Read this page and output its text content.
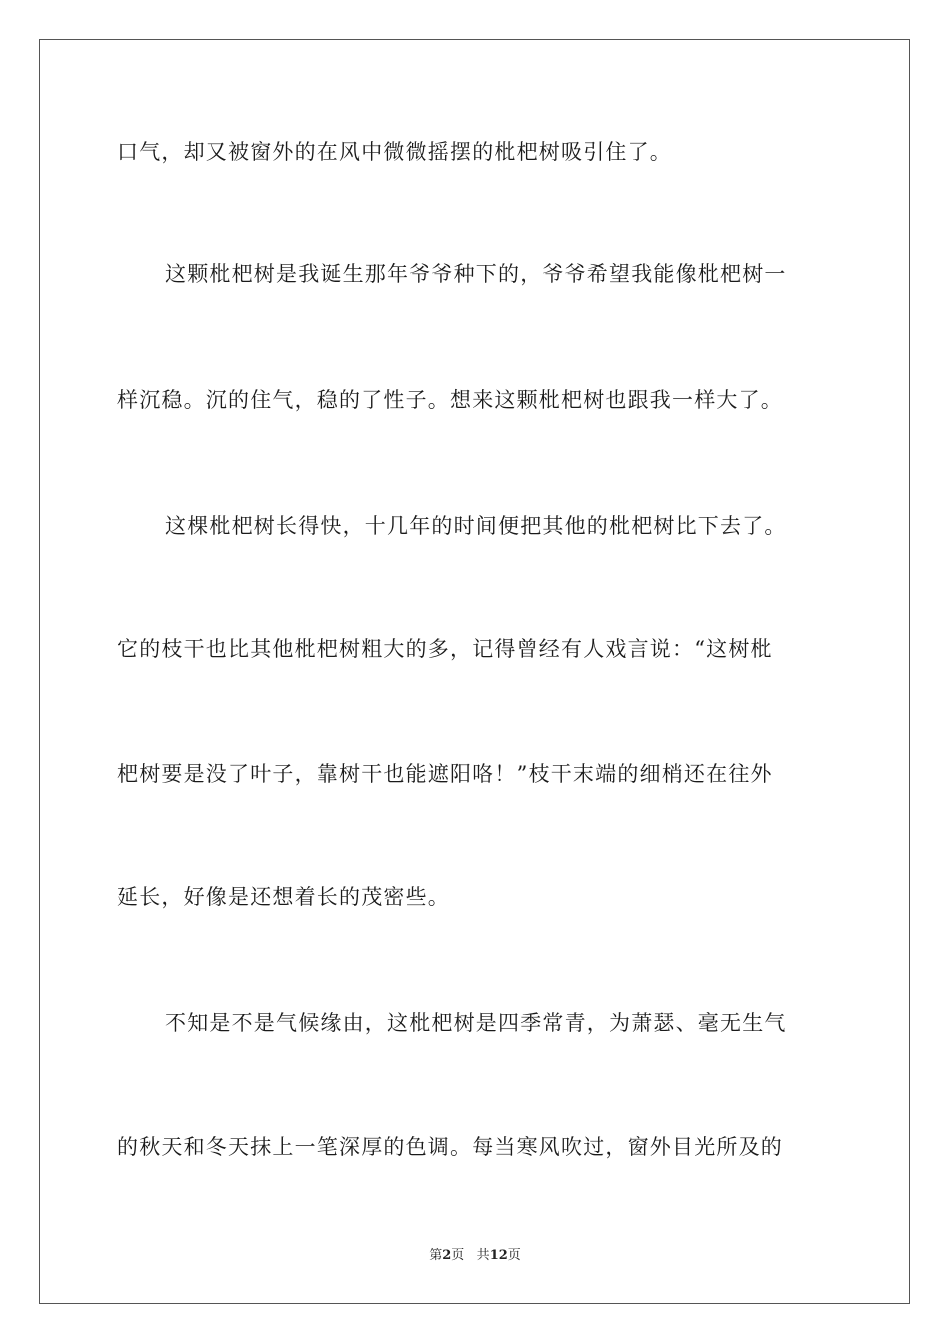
口气，却又被窗外的在风中微微摇摆的枇杷树吸引住了。
这颗枇杷树是我诞生那年爷爷种下的，爷爷希望我能像枇杷树一
样沉稳。沉的住气，稳的了性子。想来这颗枇杷树也跟我一样大了。
这棵枇杷树长得快，十几年的时间便把其他的枇杷树比下去了。
它的枝干也比其他枇杷树粗大的多，记得曾经有人戏言说：“这树枇
杷树要是没了叶子，靠树干也能遮阳咯！”枝干末端的细梢还在往外
延长，好像是还想着长的茂密些。
不知是不是气候缘由，这枇杷树是四季常青，为萧瑟、毫无生气
的秋天和冬天抹上一笔深厚的色调。每当寒风吹过，窗外目光所及的
第2页 共12页
